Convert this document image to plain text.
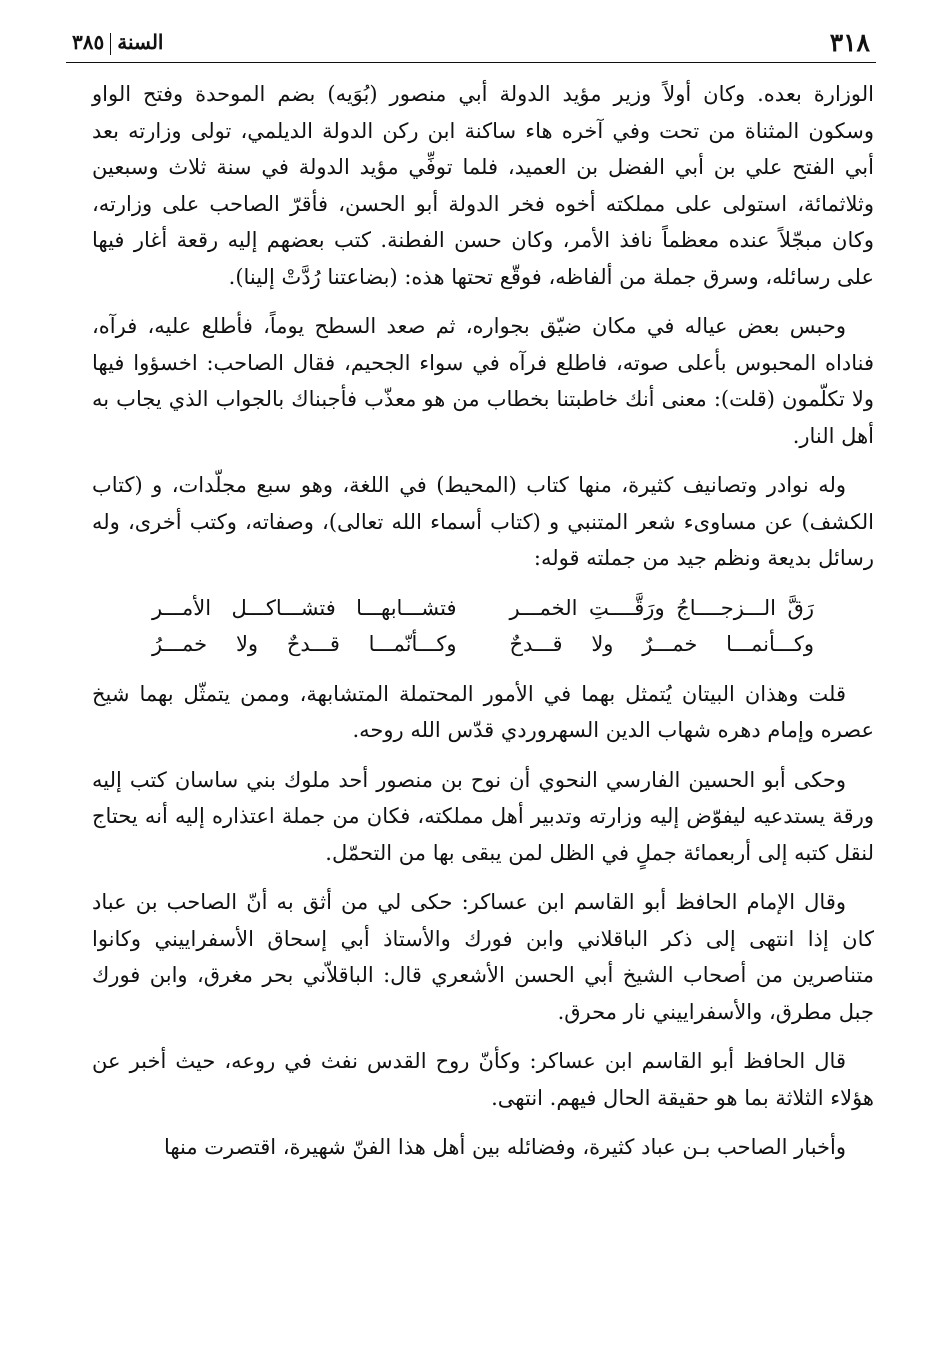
٣١٨
السنة٣٨٥

الوزارة بعده. وكان أولاً وزير مؤيد الدولة أبي منصور (بُوَيه) بضم الموحدة وفتح الواو وسكون المثناة من تحت وفي آخره هاء ساكنة ابن ركن الدولة الديلمي، تولى وزارته بعد أبي الفتح علي بن أبي الفضل بن العميد، فلما توفِّي مؤيد الدولة في سنة ثلاث وسبعين وثلاثمائة، استولى على مملكته أخوه فخر الدولة أبو الحسن، فأقرّ الصاحب على وزارته، وكان مبجّلاً عنده معظماً نافذ الأمر، وكان حسن الفطنة. كتب بعضهم إليه رقعة أغار فيها على رسائله، وسرق جملة من ألفاظه، فوقّع تحتها هذه: (بضاعتنا رُدَّتْ إلينا).

وحبس بعض عياله في مكان ضيّق بجواره، ثم صعد السطح يوماً، فأطلع عليه، فرآه، فناداه المحبوس بأعلى صوته، فاطلع فرآه في سواء الجحيم، فقال الصاحب: اخسؤوا فيها ولا تكلّمون (قلت): معنى أنك خاطبتنا بخطاب من هو معذّب فأجبناك بالجواب الذي يجاب به أهل النار.

وله نوادر وتصانيف كثيرة، منها كتاب (المحيط) في اللغة، وهو سبع مجلّدات، و (كتاب الكشف) عن مساوىء شعر المتنبي و (كتاب أسماء الله تعالى)، وصفاته، وكتب أخرى، وله رسائل بديعة ونظم جيد من جملته قوله:

رَقَّ الـــزجــــاجُ ورَقَّــــتِ الخمـــر
فتشـــابهـــا فتشـــاكـــل الأمـــر
وكـــأنمـــا خمـــرٌ ولا قـــدحٌ
وكـــأنّمـــا قـــدحٌ ولا خمـــرُ

قلت وهذان البيتان يُتمثل بهما في الأمور المحتملة المتشابهة، وممن يتمثّل بهما شيخ عصره وإمام دهره شهاب الدين السهروردي قدّس الله روحه.

وحكى أبو الحسين الفارسي النحوي أن نوح بن منصور أحد ملوك بني ساسان كتب إليه ورقة يستدعيه ليفوّض إليه وزارته وتدبير أهل مملكته، فكان من جملة اعتذاره إليه أنه يحتاج لنقل كتبه إلى أربعمائة جملٍ في الظل لمن يبقى بها من التحمّل.

وقال الإمام الحافظ أبو القاسم ابن عساكر: حكى لي من أثق به أنّ الصاحب بن عباد كان إذا انتهى إلى ذكر الباقلاني وابن فورك والأستاذ أبي إسحاق الأسفراييني وكانوا متناصرين من أصحاب الشيخ أبي الحسن الأشعري قال: الباقلاّني بحر مغرق، وابن فورك جبل مطرق، والأسفراييني نار محرق.

قال الحافظ أبو القاسم ابن عساكر: وكأنّ روح القدس نفث في روعه، حيث أخبر عن هؤلاء الثلاثة بما هو حقيقة الحال فيهم. انتهى.

وأخبار الصاحب بـن عباد كثيرة، وفضائله بين أهل هذا الفنّ شهيرة، اقتصرت منها
